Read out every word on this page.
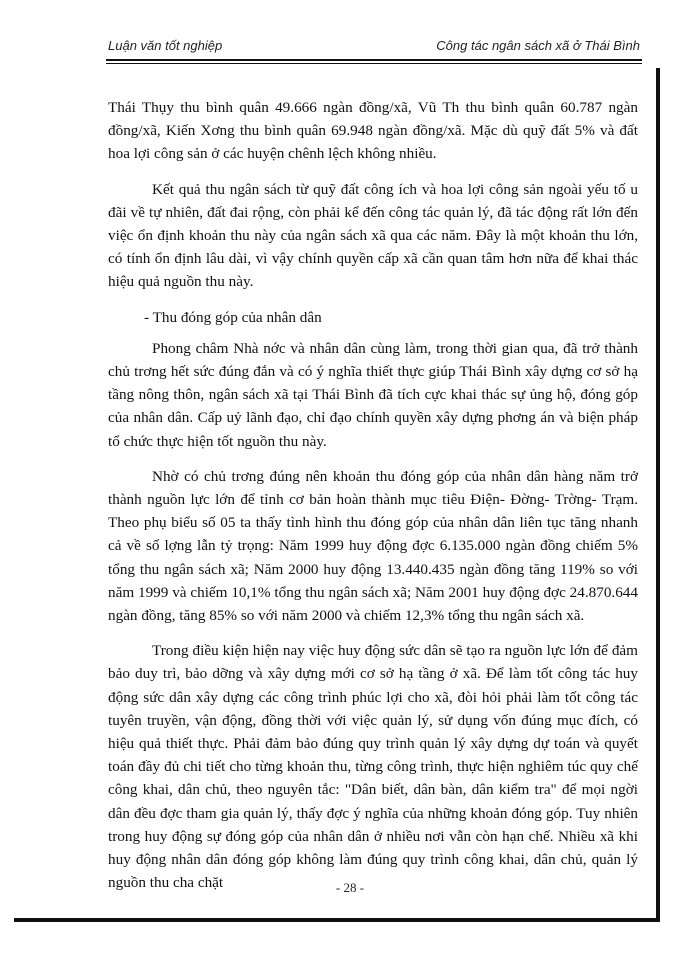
Luận văn tốt nghiệp	Công tác ngân sách xã ở Thái Bình

Thái Thụy thu bình quân 49.666 ngàn đồng/xã, Vũ Th thu bình quân 60.787 ngàn đồng/xã, Kiến Xơng thu bình quân 69.948 ngàn đồng/xã. Mặc dù quỹ đất 5% và đất hoa lợi công sản ở các huyện chênh lệch không nhiều.

Kết quả thu ngân sách từ quỹ đất công ích và hoa lợi công sản ngoài yếu tố u đãi về tự nhiên, đất đai rộng, còn phải kể đến công tác quản lý, đã tác động rất lớn đến việc ổn định khoản thu này của ngân sách xã qua các năm. Đây là một khoản thu lớn, có tính ổn định lâu dài, vì vậy chính quyền cấp xã cần quan tâm hơn nữa để khai thác hiệu quả nguồn thu này.

- Thu đóng góp của nhân dân

Phong châm Nhà nớc và nhân dân cùng làm, trong thời gian qua, đã trở thành chủ trơng hết sức đúng đắn và có ý nghĩa thiết thực giúp Thái Bình xây dựng cơ sở hạ tầng nông thôn, ngân sách xã tại Thái Bình đã tích cực khai thác sự ủng hộ, đóng góp của nhân dân. Cấp uỷ lãnh đạo, chỉ đạo chính quyền xây dựng phơng án và biện pháp tổ chức thực hiện tốt nguồn thu này.

Nhờ có chủ trơng đúng nên khoản thu đóng góp của nhân dân hàng năm trở thành nguồn lực lớn để tỉnh cơ bản hoàn thành mục tiêu Điện- Đờng- Trờng- Trạm. Theo phụ biểu số 05 ta thấy tình hình thu đóng góp của nhân dân liên tục tăng nhanh cả về số lợng lẫn tỷ trọng: Năm 1999 huy động đợc 6.135.000 ngàn đồng chiếm 5% tổng thu ngân sách xã; Năm 2000 huy động 13.440.435 ngàn đồng tăng 119% so với năm 1999 và chiếm 10,1% tổng thu ngân sách xã; Năm 2001 huy động đợc 24.870.644 ngàn đồng, tăng 85% so với năm 2000 và chiếm 12,3% tổng thu ngân sách xã.

Trong điều kiện hiện nay việc huy động sức dân sẽ tạo ra nguồn lực lớn để đảm bảo duy trì, bảo dỡng và xây dựng mới cơ sở hạ tầng ở xã. Để làm tốt công tác huy động sức dân xây dựng các công trình phúc lợi cho xã, đòi hỏi phải làm tốt công tác tuyên truyền, vận động, đồng thời với việc quản lý, sử dụng vốn đúng mục đích, có hiệu quả thiết thực. Phải đảm bảo đúng quy trình quản lý xây dựng dự toán và quyết toán đầy đủ chi tiết cho từng khoản thu, từng công trình, thực hiện nghiêm túc quy chế công khai, dân chủ, theo nguyên tắc: "Dân biết, dân bàn, dân kiểm tra" để mọi ngời dân đều đợc tham gia quản lý, thấy đợc ý nghĩa của những khoản đóng góp. Tuy nhiên trong huy động sự đóng góp của nhân dân ở nhiều nơi vẫn còn hạn chế. Nhiều xã khi huy động nhân dân đóng góp không làm đúng quy trình công khai, dân chủ, quản lý nguồn thu cha chặt	- 28 -
